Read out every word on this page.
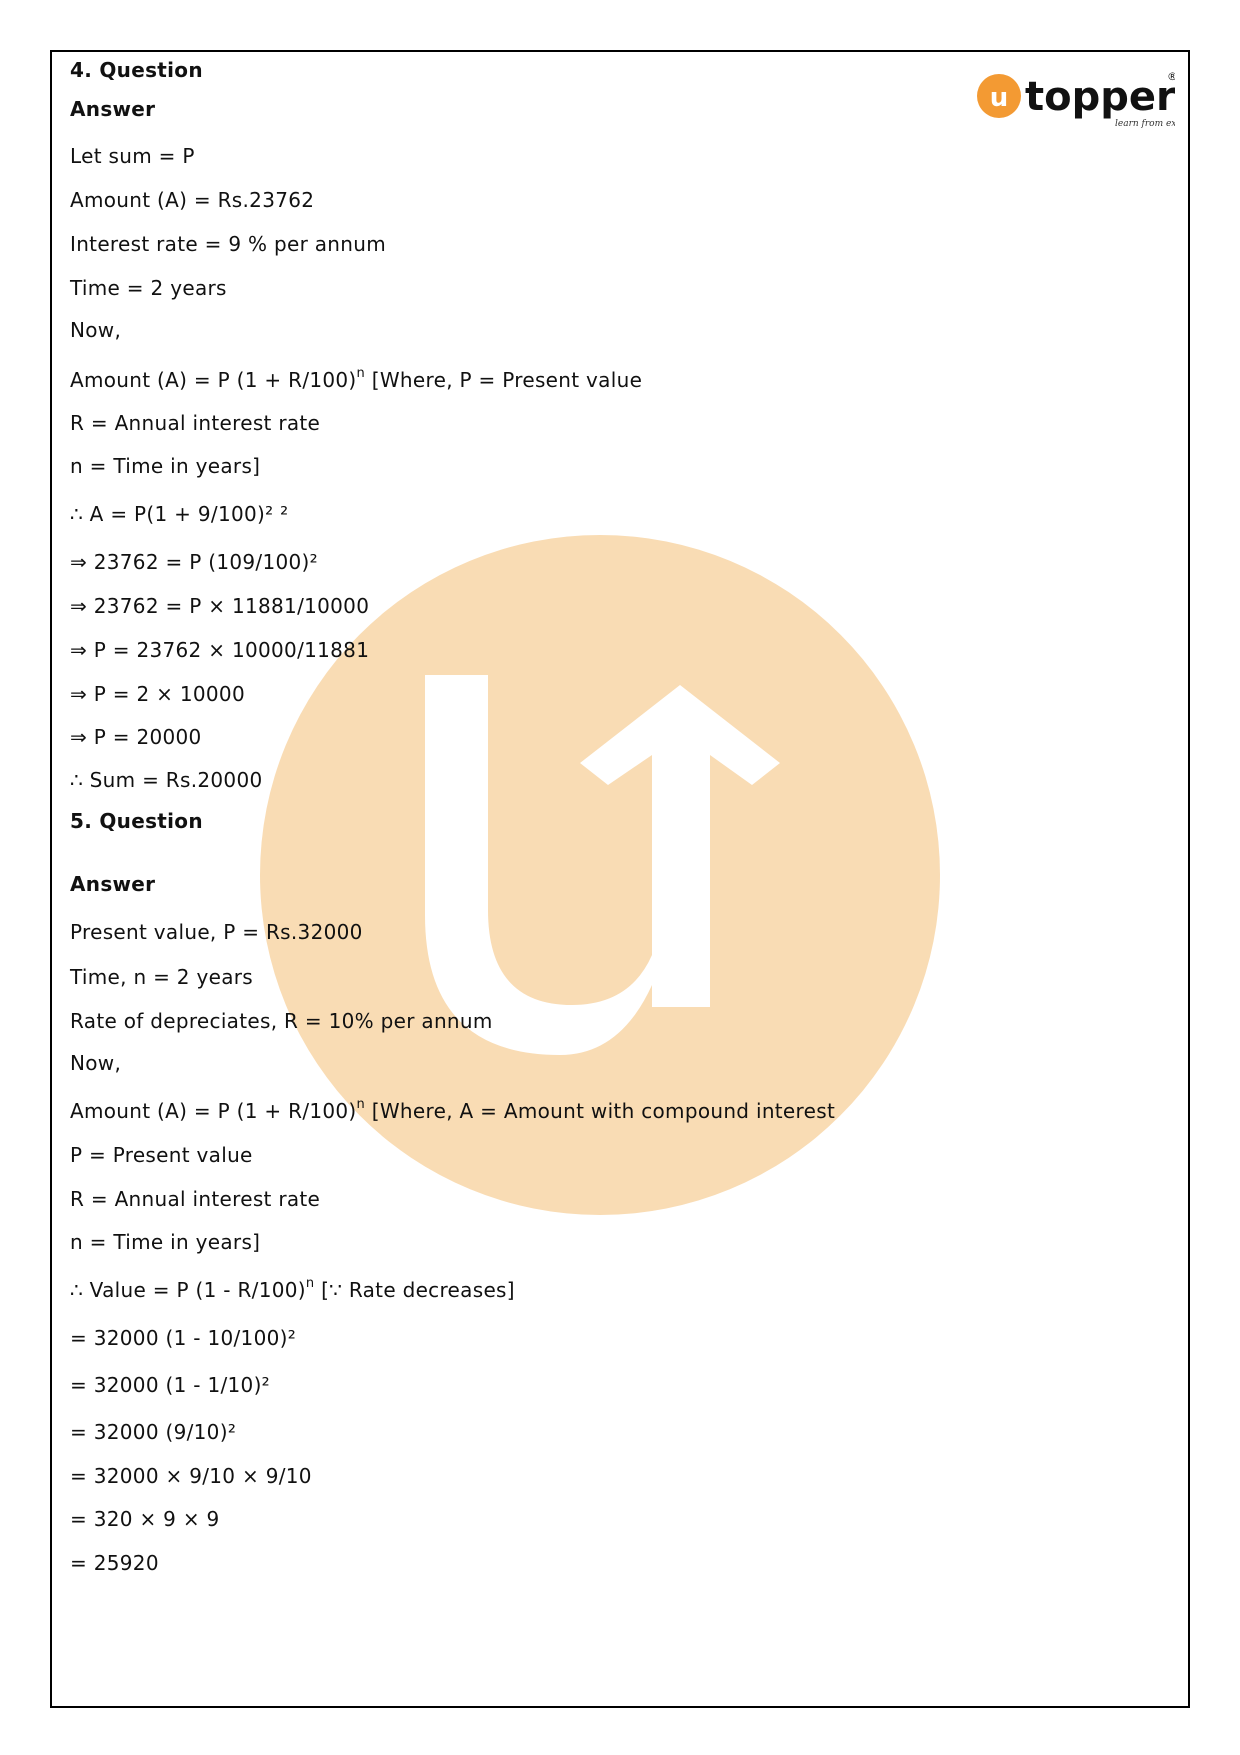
u topper
®
learn from e
4. Question
Answer
Let sum = P
Amount (A) = Rs.23762
Interest rate = 9 % per annum
Time = 2 years
Now,
Amount (A) = P $(1 + R/100)^n$ [Where, P = Present value
R = Annual interest rate
n = Time in years]
∴ A = P(1 + 9/100)² ²
⇒ 23762 = P (109/100)²
⇒ 23762 = P × 11881/10000
⇒ P = 23762 × 10000/11881
⇒ P = 2 × 10000
⇒ P = 20000
∴ Sum = Rs.20000
5. Question
Answer
Present value, P = Rs.32000
Time, n = 2 years
Rate of depreciates, R = 10% per annum
Now,
Amount (A) = P $(1 + R/100)^n$ [Where, A = Amount with compound interest
P = Present value
R = Annual interest rate
n = Time in years]
∴ Value = P (1 - R/100)$^n$ [∵ Rate decreases]
= 32000 (1 - 10/100)²
= 32000 (1 - 1/10)²
= 32000 (9/10)²
= 32000 × 9/10 × 9/10
= 320 × 9 × 9
= 25920
